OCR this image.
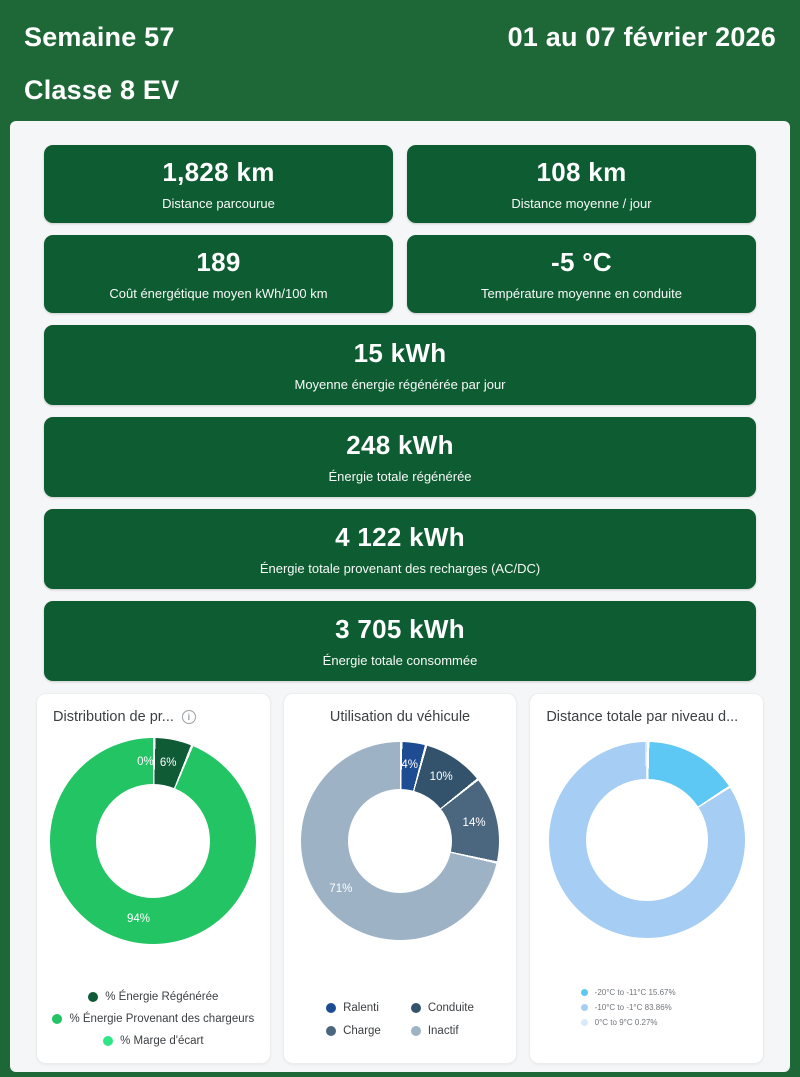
Semaine 57	01 au 07 février 2026
Classe 8 EV
1,828 km
Distance parcourue
108 km
Distance moyenne / jour
189
Coût énergétique moyen kWh/100 km
-5 °C
Température moyenne en conduite
15 kWh
Moyenne énergie régénérée par jour
248 kWh
Énergie totale régénérée
4 122 kWh
Énergie totale provenant des recharges (AC/DC)
3 705 kWh
Énergie totale consommée
Distribution de pr...	i
6%
94%
0%
% Énergie Régénérée
% Énergie Provenant des chargeurs
% Marge d'écart
Utilisation du véhicule
4%
10%
14%
71%
Ralenti	Conduite
Charge	Inactif
Distance totale par niveau d...
-20°C to -11°C 15.67%
-10°C to -1°C 83.86%
0°C to 9°C 0.27%
